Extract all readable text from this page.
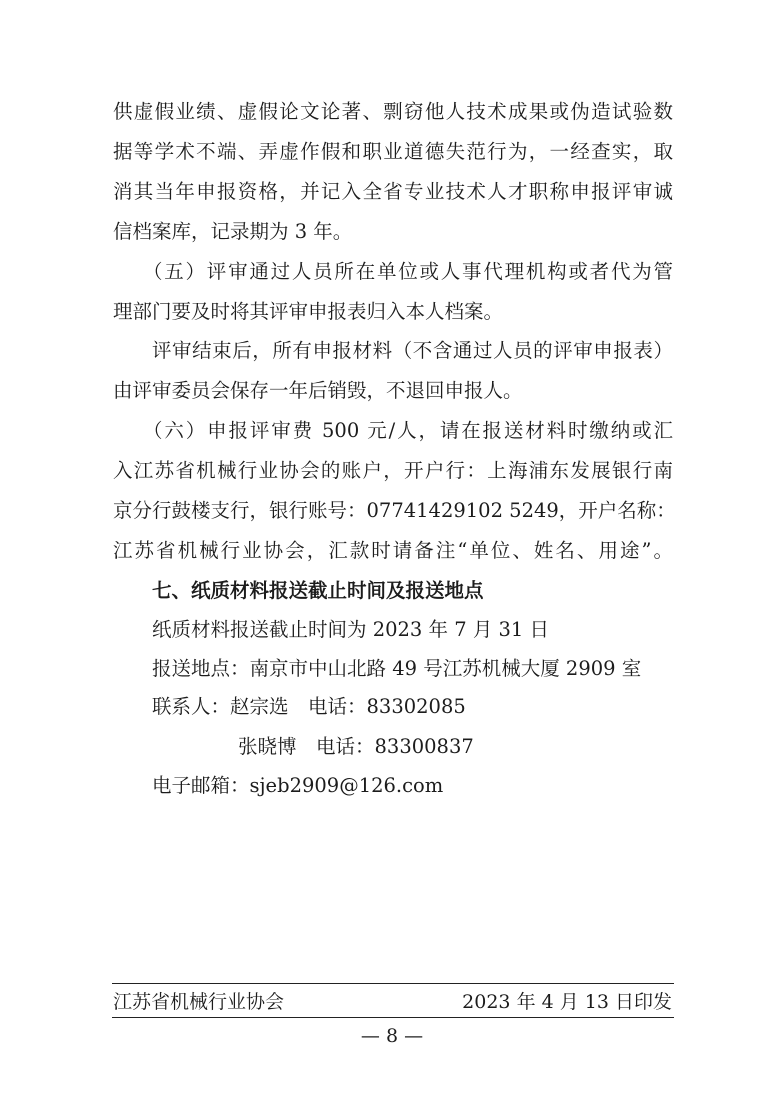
供虚假业绩、虚假论文论著、剽窃他人技术成果或伪造试验数
据等学术不端、弄虚作假和职业道德失范行为，一经查实，取
消其当年申报资格，并记入全省专业技术人才职称申报评审诚
信档案库，记录期为 3 年。
（五）评审通过人员所在单位或人事代理机构或者代为管
理部门要及时将其评审申报表归入本人档案。
评审结束后，所有申报材料（不含通过人员的评审申报表）
由评审委员会保存一年后销毁，不退回申报人。
（六）申报评审费 500 元/人，请在报送材料时缴纳或汇
入江苏省机械行业协会的账户，开户行：上海浦东发展银行南
京分行鼓楼支行，银行账号：07741429102 5249，开户名称：
江苏省机械行业协会，汇款时请备注“单位、姓名、用途”。
七、纸质材料报送截止时间及报送地点
纸质材料报送截止时间为 2023 年 7 月 31 日
报送地点：南京市中山北路 49 号江苏机械大厦 2909 室
联系人：赵宗选　电话：83302085
张晓博　电话：83300837
电子邮箱：sjeb2909@126.com
江苏省机械行业协会	2023 年 4 月 13 日印发
— 8 —
